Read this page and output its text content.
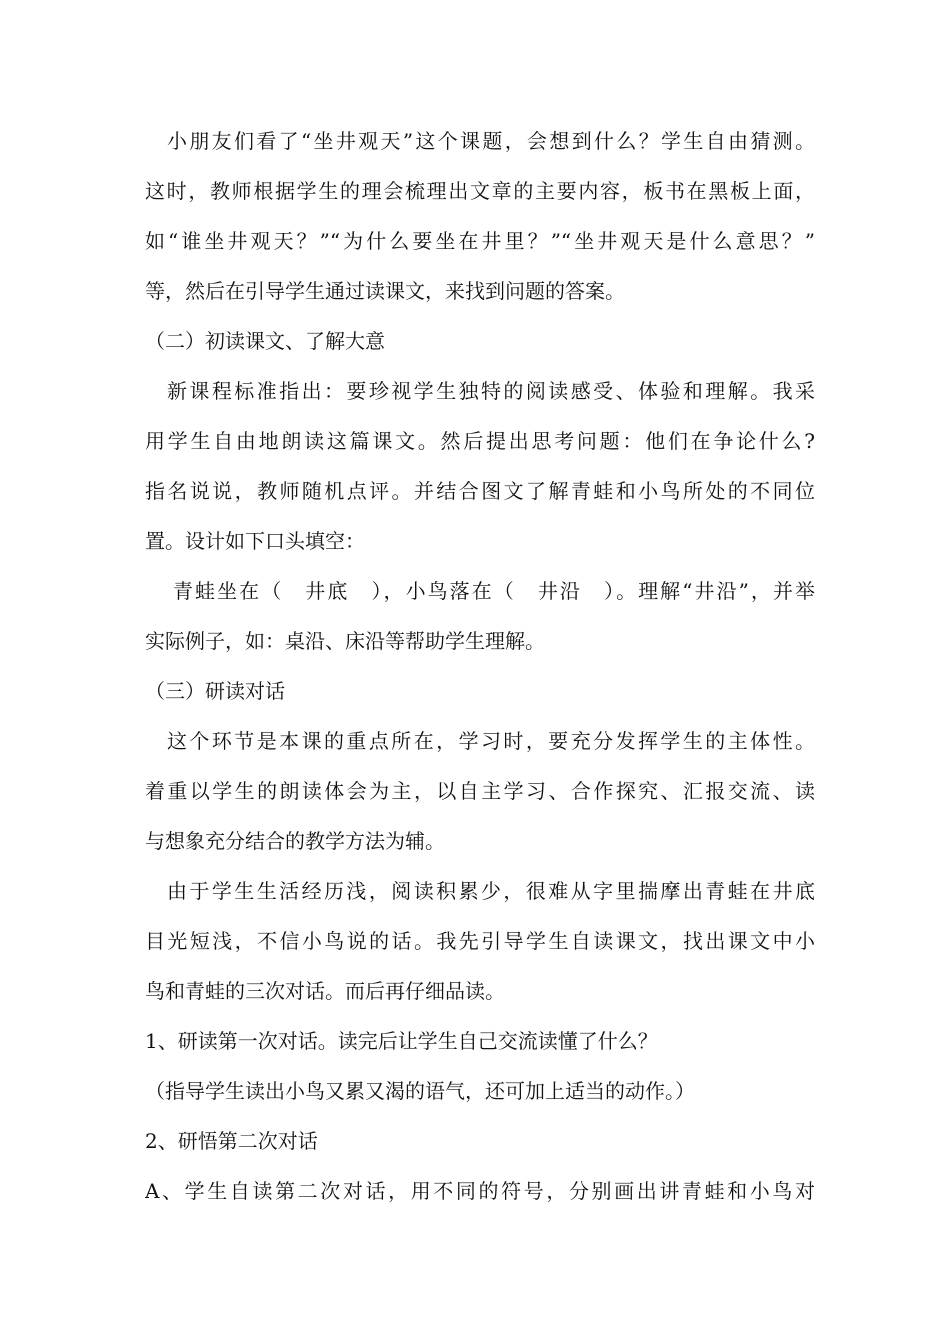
小朋友们看了“坐井观天”这个课题，会想到什么？学生自由猜测。
这时，教师根据学生的理会梳理出文章的主要内容，板书在黑板上面，
如“谁坐井观天？”“为什么要坐在井里？”“坐井观天是什么意思？”
等，然后在引导学生通过读课文，来找到问题的答案。
（二）初读课文、了解大意
新课程标准指出：要珍视学生独特的阅读感受、体验和理解。我采
用学生自由地朗读这篇课文。然后提出思考问题：他们在争论什么?
指名说说，教师随机点评。并结合图文了解青蛙和小鸟所处的不同位
置。设计如下口头填空：
青蛙坐在（　井底　），小鸟落在（　井沿　）。理解“井沿”，并举
实际例子，如：桌沿、床沿等帮助学生理解。
（三）研读对话
这个环节是本课的重点所在，学习时，要充分发挥学生的主体性。
着重以学生的朗读体会为主，以自主学习、合作探究、汇报交流、读
与想象充分结合的教学方法为辅。
由于学生生活经历浅，阅读积累少，很难从字里揣摩出青蛙在井底
目光短浅，不信小鸟说的话。我先引导学生自读课文，找出课文中小
鸟和青蛙的三次对话。而后再仔细品读。
1、研读第一次对话。读完后让学生自己交流读懂了什么？
（指导学生读出小鸟又累又渴的语气，还可加上适当的动作。）
2、研悟第二次对话
A、学生自读第二次对话，用不同的符号，分别画出讲青蛙和小鸟对
